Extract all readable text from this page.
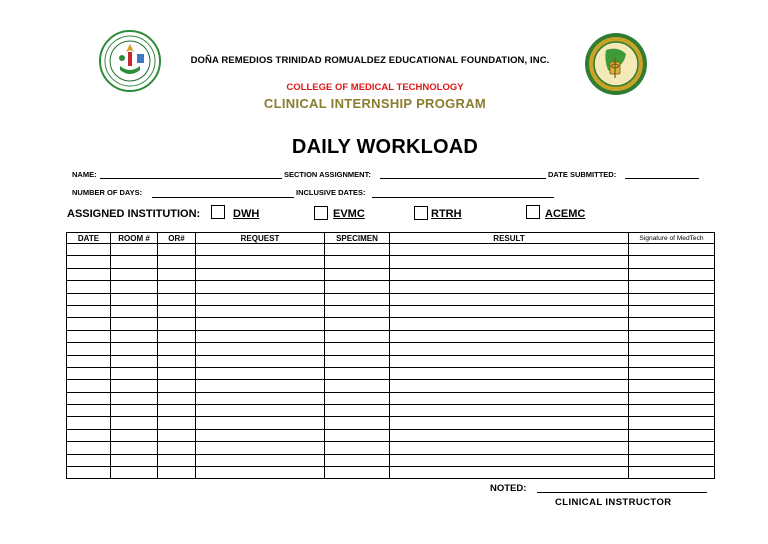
DOÑA REMEDIOS TRINIDAD ROMUALDEZ EDUCATIONAL FOUNDATION, INC.
COLLEGE OF MEDICAL TECHNOLOGY
CLINICAL INTERNSHIP PROGRAM
DAILY WORKLOAD
NAME:	SECTION ASSIGNMENT:	DATE SUBMITTED:
NUMBER OF DAYS:	INCLUSIVE DATES:
ASSIGNED INSTITUTION:	DWH	EVMC	RTRH	ACEMC
DATE	ROOM #	OR#	REQUEST	SPECIMEN	RESULT	Signature of MedTech

NOTED:
CLINICAL INSTRUCTOR
